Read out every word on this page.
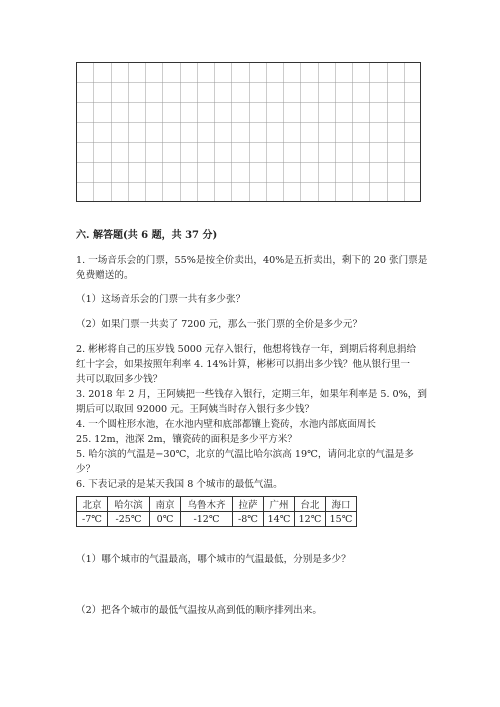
六. 解答题(共 6 题，共 37 分)
1. 一场音乐会的门票，55%是按全价卖出，40%是五折卖出，剩下的 20 张门票是
免费赠送的。
（1）这场音乐会的门票一共有多少张？
（2）如果门票一共卖了 7200 元，那么一张门票的全价是多少元？
2. 彬彬将自己的压岁钱 5000 元存入银行，他想将钱存一年，到期后将利息捐给
红十字会，如果按照年利率 4. 14%计算，彬彬可以捐出多少钱？他从银行里一
共可以取回多少钱？
3. 2018 年 2 月，王阿姨把一些钱存入银行，定期三年，如果年利率是 5. 0%，到
期后可以取回 92000 元。王阿姨当时存入银行多少钱？
4. 一个圆柱形水池，在水池内壁和底部都镶上瓷砖，水池内部底面周长
25. 12m，池深 2m，镶瓷砖的面积是多少平方米？
5. 哈尔滨的气温是−30℃，北京的气温比哈尔滨高 19℃，请问北京的气温是多
少？
6. 下表记录的是某天我国 8 个城市的最低气温。
北京	哈尔滨	南京	乌鲁木齐	拉萨	广州	台北	海口
-7℃	-25℃	0℃	-12℃	-8℃	14℃	12℃	15℃
（1）哪个城市的气温最高，哪个城市的气温最低，分别是多少？
（2）把各个城市的最低气温按从高到低的顺序排列出来。
